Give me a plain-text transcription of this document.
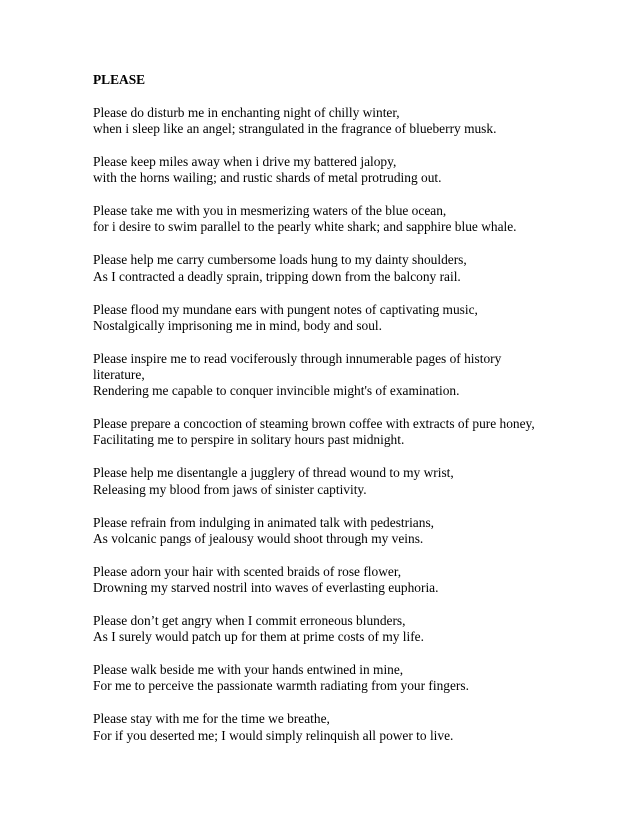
PLEASE
Please do disturb me in enchanting night of chilly winter,
when i sleep like an angel; strangulated in the fragrance of blueberry musk.
Please keep miles away when i drive my battered jalopy,
with the horns wailing; and rustic shards of metal protruding out.
Please take me with you in mesmerizing waters of the blue ocean,
for i desire to swim parallel to the pearly white shark; and sapphire blue whale.
Please help me carry cumbersome loads hung to my dainty shoulders,
As I contracted a deadly sprain, tripping down from the balcony rail.
Please flood my mundane ears with pungent notes of captivating music,
Nostalgically imprisoning me in mind, body and soul.
Please inspire me to read vociferously through innumerable pages of history
literature,
Rendering me capable to conquer invincible might's of examination.
Please prepare a concoction of steaming brown coffee with extracts of pure honey,
Facilitating me to perspire in solitary hours past midnight.
Please help me disentangle a jugglery of thread wound to my wrist,
Releasing my blood from jaws of sinister captivity.
Please refrain from indulging in animated talk with pedestrians,
As volcanic pangs of jealousy would shoot through my veins.
Please adorn your hair with scented braids of rose flower,
Drowning my starved nostril into waves of everlasting euphoria.
Please don’t get angry when I commit erroneous blunders,
As I surely would patch up for them at prime costs of my life.
Please walk beside me with your hands entwined in mine,
For me to perceive the passionate warmth radiating from your fingers.
Please stay with me for the time we breathe,
For if you deserted me; I would simply relinquish all power to live.
